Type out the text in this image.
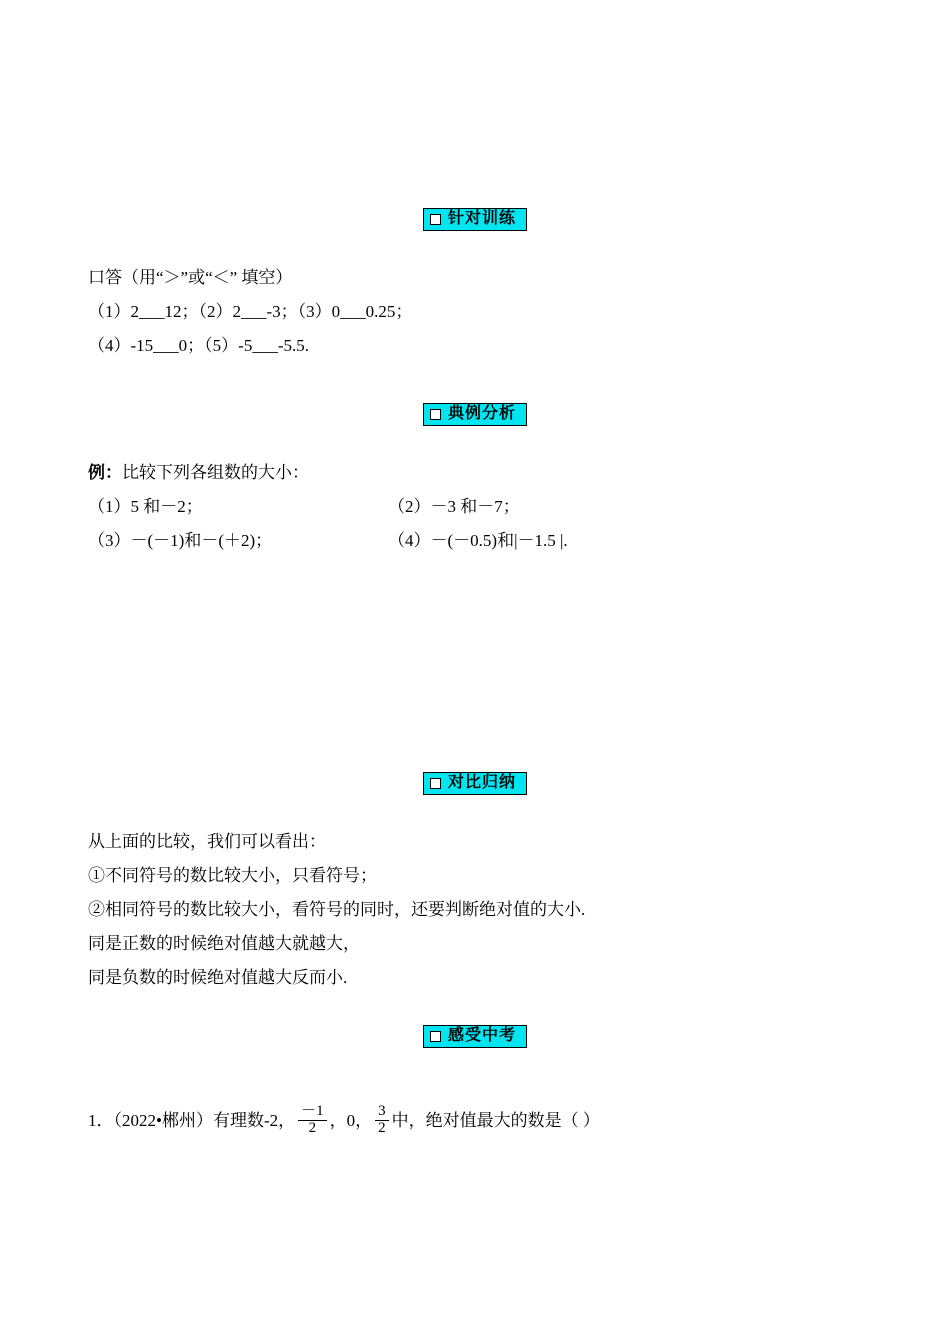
针对训练
口答（用“＞”或“＜” 填空）
（1）2___12；（2）2___-3；（3）0___0.25；
（4）-15___0；（5）-5___-5.5.
典例分析
例：比较下列各组数的大小：
（1）5 和－2；	（2）－3 和－7；
（3）－(－1)和－(＋2)；	（4）－(－0.5)和|－1.5 |.
对比归纳
从上面的比较，我们可以看出：
①不同符号的数比较大小，只看符号；
②相同符号的数比较大小，看符号的同时，还要判断绝对值的大小.
同是正数的时候绝对值越大就越大，
同是负数的时候绝对值越大反而小.
感受中考
1．（2022•郴州）有理数-2， $\frac{-1}{2}$ ，0， $\frac{3}{2}$ 中，绝对值最大的数是（ ）
